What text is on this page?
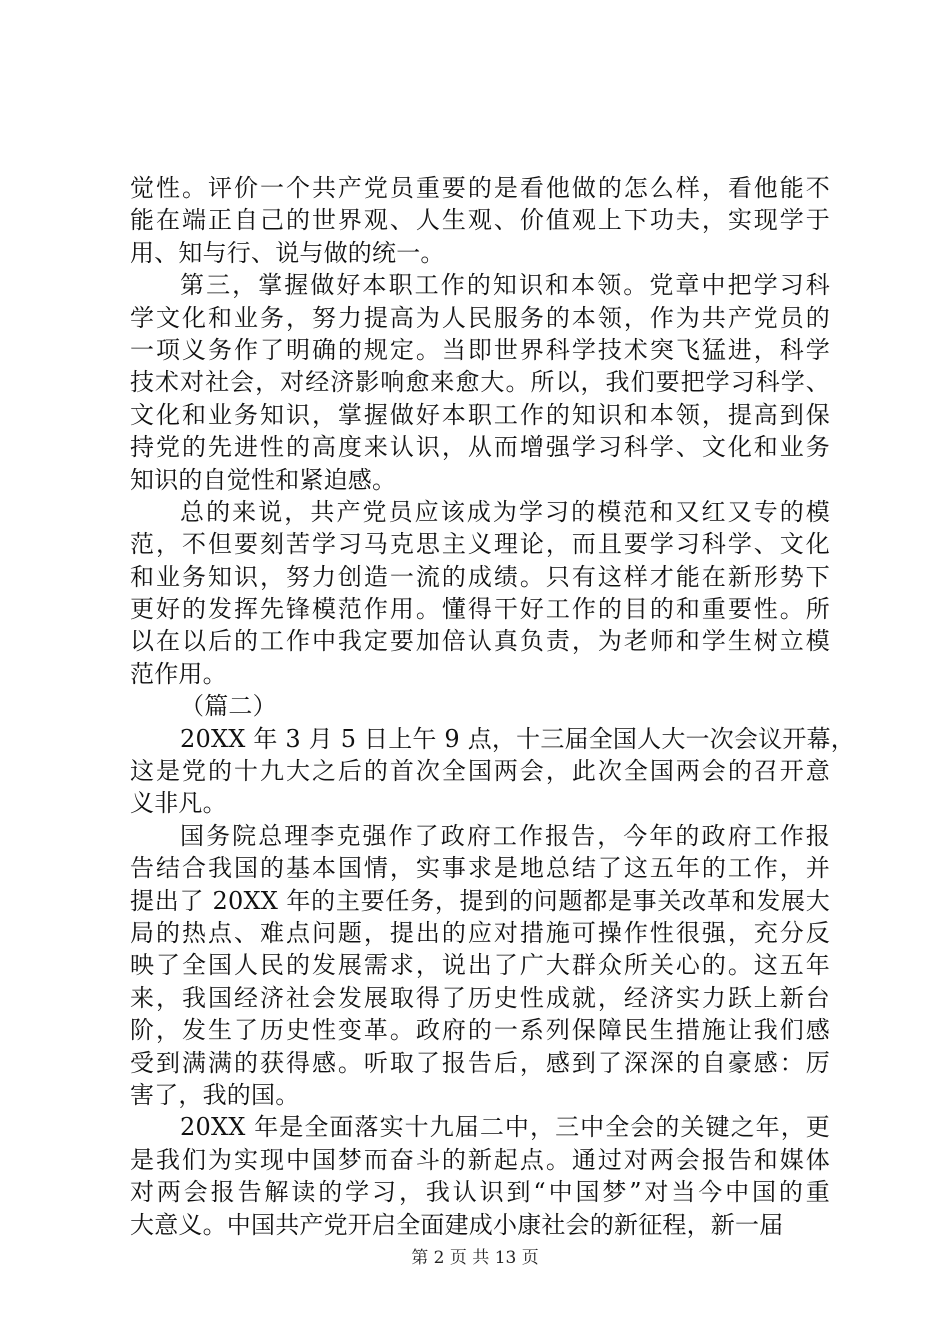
觉性。评价一个共产党员重要的是看他做的怎么样，看他能不
能在端正自己的世界观、人生观、价值观上下功夫，实现学于
用、知与行、说与做的统一。
第三，掌握做好本职工作的知识和本领。党章中把学习科
学文化和业务，努力提高为人民服务的本领，作为共产党员的
一项义务作了明确的规定。当即世界科学技术突飞猛进，科学
技术对社会，对经济影响愈来愈大。所以，我们要把学习科学、
文化和业务知识，掌握做好本职工作的知识和本领，提高到保
持党的先进性的高度来认识，从而增强学习科学、文化和业务
知识的自觉性和紧迫感。
总的来说，共产党员应该成为学习的模范和又红又专的模
范，不但要刻苦学习马克思主义理论，而且要学习科学、文化
和业务知识，努力创造一流的成绩。只有这样才能在新形势下
更好的发挥先锋模范作用。懂得干好工作的目的和重要性。所
以在以后的工作中我定要加倍认真负责，为老师和学生树立模
范作用。
（篇二）
20XX 年 3 月 5 日上午 9 点，十三届全国人大一次会议开幕，
这是党的十九大之后的首次全国两会，此次全国两会的召开意
义非凡。
国务院总理李克强作了政府工作报告，今年的政府工作报
告结合我国的基本国情，实事求是地总结了这五年的工作，并
提出了 20XX 年的主要任务，提到的问题都是事关改革和发展大
局的热点、难点问题，提出的应对措施可操作性很强，充分反
映了全国人民的发展需求，说出了广大群众所关心的。这五年
来，我国经济社会发展取得了历史性成就，经济实力跃上新台
阶，发生了历史性变革。政府的一系列保障民生措施让我们感
受到满满的获得感。听取了报告后，感到了深深的自豪感：厉
害了，我的国。
20XX 年是全面落实十九届二中，三中全会的关键之年，更
是我们为实现中国梦而奋斗的新起点。通过对两会报告和媒体
对两会报告解读的学习，我认识到“中国梦”对当今中国的重
大意义。中国共产党开启全面建成小康社会的新征程，新一届
第 2 页 共 13 页
